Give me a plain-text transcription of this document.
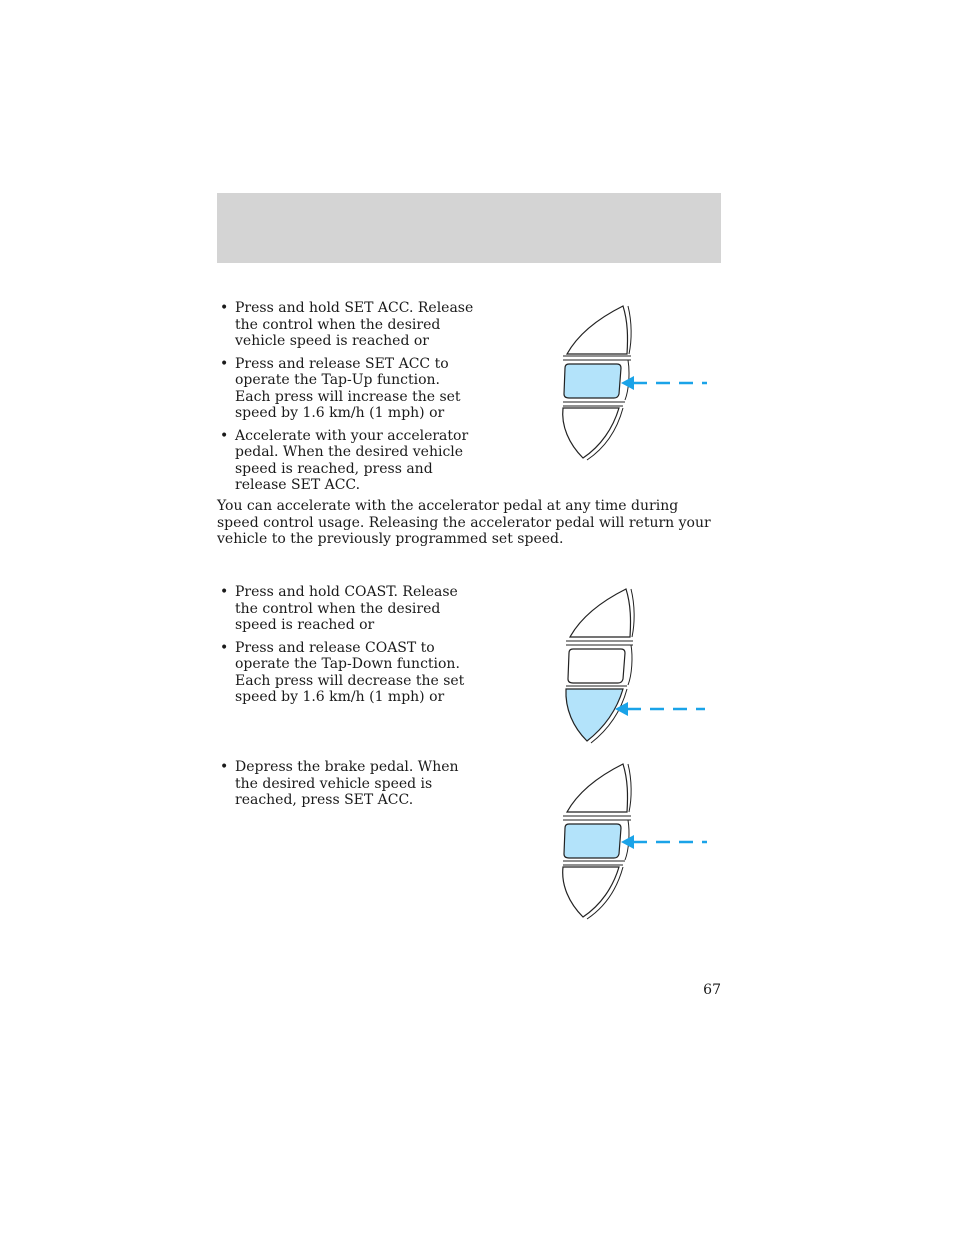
• Press and hold SET ACC. Release the control when the desired vehicle speed is reached or
• Press and release SET ACC to operate the Tap-Up function. Each press will increase the set speed by 1.6 km/h (1 mph) or
• Accelerate with your accelerator pedal. When the desired vehicle speed is reached, press and release SET ACC.

You can accelerate with the accelerator pedal at any time during speed control usage. Releasing the accelerator pedal will return your vehicle to the previously programmed set speed.

• Press and hold COAST. Release the control when the desired speed is reached or
• Press and release COAST to operate the Tap-Down function. Each press will decrease the set speed by 1.6 km/h (1 mph) or
• Depress the brake pedal. When the desired vehicle speed is reached, press SET ACC.
67
